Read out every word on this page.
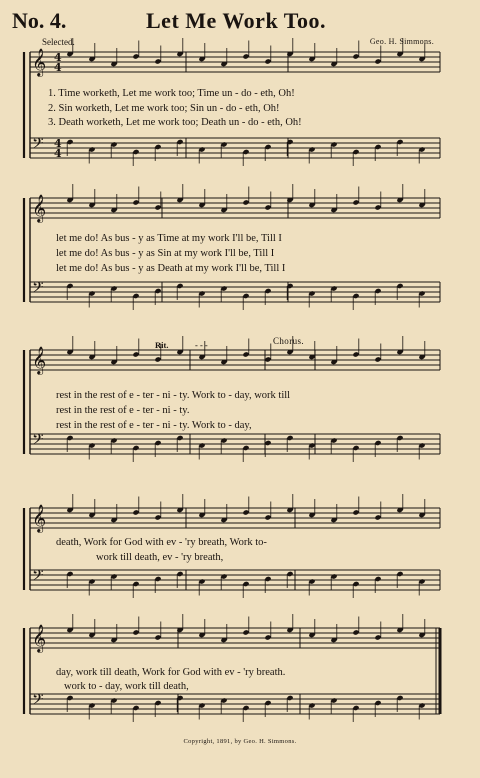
No. 4.	Let Me Work Too.
Selected.	Geo. H. Simmons.
𝄞
𝄢
𝄞
𝄢
𝄞
𝄢
𝄞
𝄢
𝄞
𝄢
4
4
4
4
1. Time worketh, Let me work too; Time un - do - eth, Oh!
2. Sin worketh, Let me work too; Sin un - do - eth, Oh!
3. Death worketh, Let me work too; Death un - do - eth, Oh!
let me do! As bus - y as Time at my work I'll be, Till I
let me do! As bus - y as Sin at my work I'll be, Till I
let me do! As bus - y as Death at my work I'll be, Till I
Rit.	- - -	Chorus.
rest in the rest of e - ter - ni - ty. Work to - day, work till
rest in the rest of e - ter - ni - ty.
rest in the rest of e - ter - ni - ty. Work to - day,
death, Work for God with ev - 'ry breath, Work to-
work till death, ev - 'ry breath,
day, work till death, Work for God with ev - 'ry breath.
work to - day, work till death,
Copyright, 1891, by Geo. H. Simmons.
